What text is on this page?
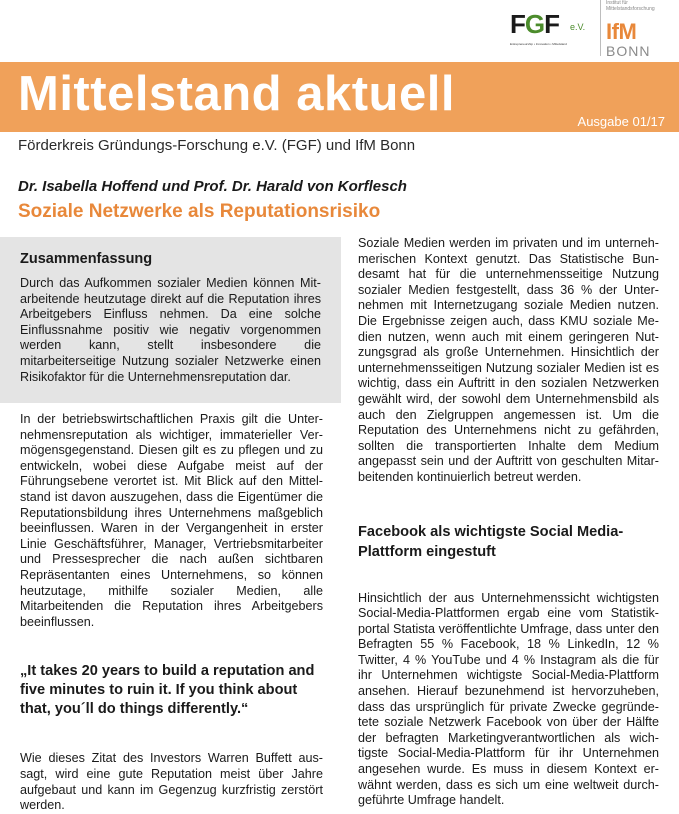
FGF	e.V.
Entrepreneurship • Innovation • Mittelstand
Institut für Mittelstandsforschung
IfM
BONN
Mittelstand aktuell
Ausgabe 01/17
Förderkreis Gründungs-Forschung e.V. (FGF) und IfM Bonn
Dr. Isabella Hoffend und Prof. Dr. Harald von Korflesch
Soziale Netzwerke als Reputationsrisiko
Zusammenfassung
Durch das Aufkommen sozialer Medien können Mitarbeitende heutzutage direkt auf die Reputation ihres Arbeitgebers Einfluss nehmen. Da eine solche Einflussnahme positiv wie negativ vorgenommen werden kann, stellt insbesondere die mitarbeiterseitige Nutzung sozialer Netzwerke einen Risikofaktor für die Unternehmensreputation dar.

In der betriebswirtschaftlichen Praxis gilt die Unternehmensreputation als wichtiger, immaterieller Vermögensgegenstand. Diesen gilt es zu pflegen und zu entwickeln, wobei diese Aufgabe meist auf der Führungsebene verortet ist. Mit Blick auf den Mittelstand ist davon auszugehen, dass die Eigentümer die Reputationsbildung ihres Unternehmens maßgeblich beeinflussen. Waren in der Vergangenheit in erster Linie Geschäftsführer, Manager, Vertriebsmitarbeiter und Pressesprecher die nach außen sichtbaren Repräsentanten eines Unternehmens, so können heutzutage, mithilfe sozialer Medien, alle Mitarbeitenden die Reputation ihres Arbeitgebers beeinflussen.

„It takes 20 years to build a reputation and five minutes to ruin it. If you think about that, you´ll do things differently.“

Wie dieses Zitat des Investors Warren Buffett aussagt, wird eine gute Reputation meist über Jahre aufgebaut und kann im Gegenzug kurzfristig zerstört werden.

Soziale Medien werden im privaten und im unternehmerischen Kontext genutzt. Das Statistische Bundesamt hat für die unternehmensseitige Nutzung sozialer Medien festgestellt, dass 36 % der Unternehmen mit Internetzugang soziale Medien nutzen. Die Ergebnisse zeigen auch, dass KMU soziale Medien nutzen, wenn auch mit einem geringeren Nutzungsgrad als große Unternehmen. Hinsichtlich der unternehmensseitigen Nutzung sozialer Medien ist es wichtig, dass ein Auftritt in den sozialen Netzwerken gewählt wird, der sowohl dem Unternehmensbild als auch den Zielgruppen angemessen ist. Um die Reputation des Unternehmens nicht zu gefährden, sollten die transportierten Inhalte dem Medium angepasst sein und der Auftritt von geschulten Mitarbeitenden kontinuierlich betreut werden.

Facebook als wichtigste Social Media-Plattform eingestuft

Hinsichtlich der aus Unternehmenssicht wichtigsten Social-Media-Plattformen ergab eine vom Statistikportal Statista veröffentlichte Umfrage, dass unter den Befragten 55 % Facebook, 18 % LinkedIn, 12 % Twitter, 4 % YouTube und 4 % Instagram als die für ihr Unternehmen wichtigste Social-Media-Plattform ansehen. Hierauf bezunehmend ist hervorzuheben, dass das ursprünglich für private Zwecke gegründetete soziale Netzwerk Facebook von über der Hälfte der befragten Marketingverantwortlichen als wichtigste Social-Media-Plattform für ihr Unternehmen angesehen wurde. Es muss in diesem Kontext erwähnt werden, dass es sich um eine weltweit durchgeführte Umfrage handelt.
